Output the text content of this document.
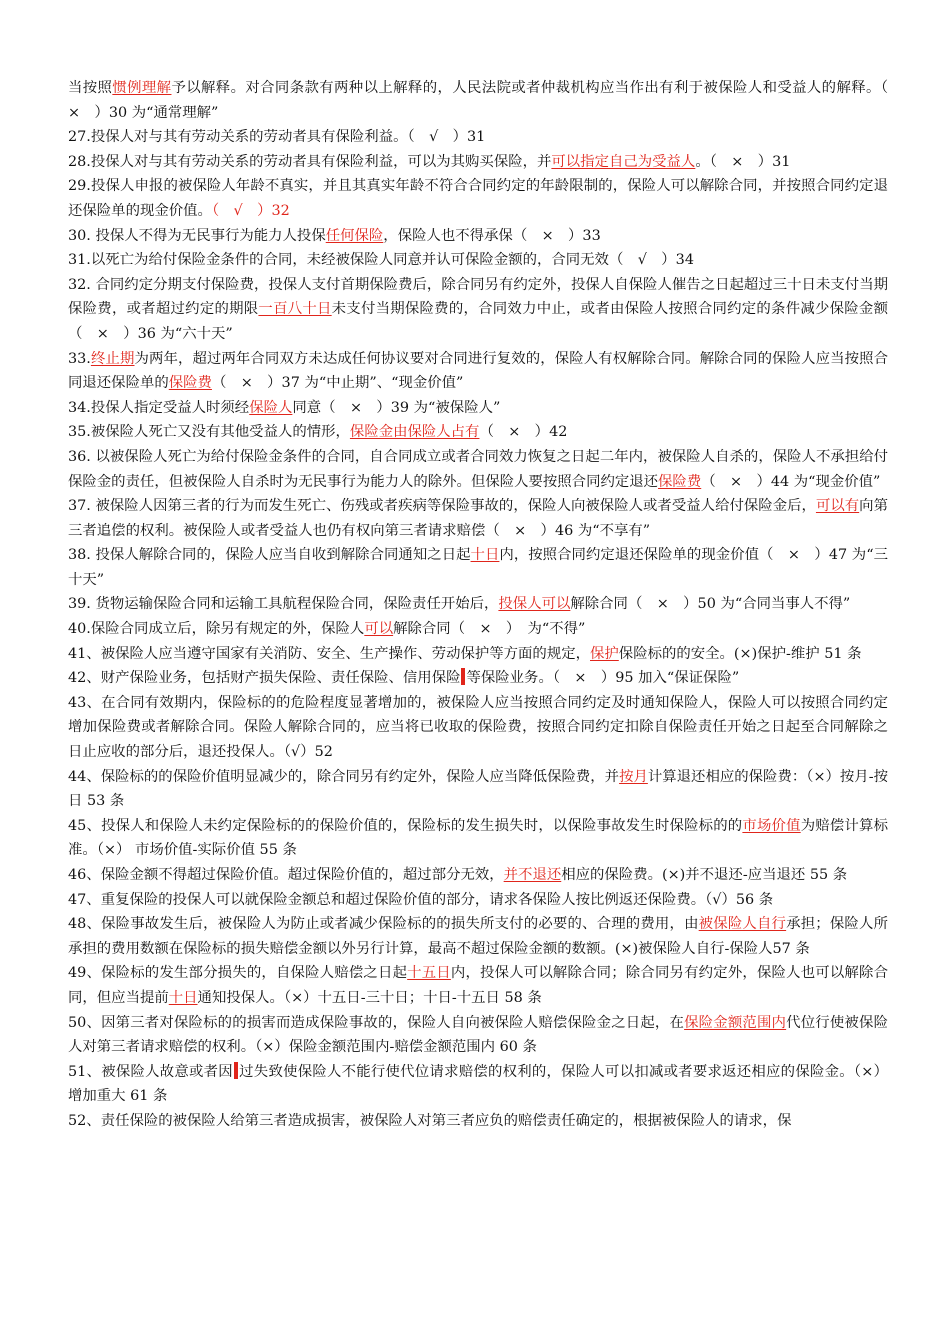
当按照惯例理解予以解释。对合同条款有两种以上解释的，人民法院或者仲裁机构应当作出有利于被保险人和受益人的解释。（　×　）30 为“通常理解”

27.投保人对与其有劳动关系的劳动者具有保险利益。（　√　）31

28.投保人对与其有劳动关系的劳动者具有保险利益，可以为其购买保险，并可以指定自己为受益人。（　×　）31

29.投保人申报的被保险人年龄不真实，并且其真实年龄不符合合同约定的年龄限制的，保险人可以解除合同，并按照合同约定退还保险单的现金价值。（　√　）32

30. 投保人不得为无民事行为能力人投保任何保险，保险人也不得承保（　×　）33

31.以死亡为给付保险金条件的合同，未经被保险人同意并认可保险金额的，合同无效（　√　）34

32. 合同约定分期支付保险费，投保人支付首期保险费后，除合同另有约定外，投保人自保险人催告之日起超过三十日未支付当期保险费，或者超过约定的期限一百八十日未支付当期保险费的，合同效力中止，或者由保险人按照合同约定的条件减少保险金额（　×　）36 为“六十天”

33.终止期为两年，超过两年合同双方未达成任何协议要对合同进行复效的，保险人有权解除合同。解除合同的保险人应当按照合同退还保险单的保险费（　×　）37 为“中止期”、“现金价值”

34.投保人指定受益人时须经保险人同意（　×　）39 为“被保险人”

35.被保险人死亡又没有其他受益人的情形，保险金由保险人占有（　×　）42

36. 以被保险人死亡为给付保险金条件的合同，自合同成立或者合同效力恢复之日起二年内，被保险人自杀的，保险人不承担给付保险金的责任，但被保险人自杀时为无民事行为能力人的除外。但保险人要按照合同约定退还保险费（　×　）44 为“现金价值”

37. 被保险人因第三者的行为而发生死亡、伤残或者疾病等保险事故的，保险人向被保险人或者受益人给付保险金后，可以有向第三者追偿的权利。被保险人或者受益人也仍有权向第三者请求赔偿（　×　）46 为“不享有”

38. 投保人解除合同的，保险人应当自收到解除合同通知之日起十日内，按照合同约定退还保险单的现金价值（　×　）47 为“三十天”

39. 货物运输保险合同和运输工具航程保险合同，保险责任开始后，投保人可以解除合同（　×　）50 为“合同当事人不得”

40.保险合同成立后，除另有规定的外，保险人可以解除合同（　×　）　为“不得”

41、被保险人应当遵守国家有关消防、安全、生产操作、劳动保护等方面的规定，保护保险标的的安全。(×)保护-维护 51 条

42、财产保险业务，包括财产损失保险、责任保险、信用保险 等保险业务。（　×　）95 加入“保证保险”

43、在合同有效期内，保险标的的危险程度显著增加的，被保险人应当按照合同约定及时通知保险人，保险人可以按照合同约定增加保险费或者解除合同。保险人解除合同的，应当将已收取的保险费，按照合同约定扣除自保险责任开始之日起至合同解除之日止应收的部分后，退还投保人。（√）52

44、保险标的的保险价值明显减少的，除合同另有约定外，保险人应当降低保险费，并按月计算退还相应的保险费：（×）按月-按日 53 条

45、投保人和保险人未约定保险标的的保险价值的，保险标的发生损失时，以保险事故发生时保险标的的市场价值为赔偿计算标准。（×） 市场价值-实际价值 55 条

46、保险金额不得超过保险价值。超过保险价值的，超过部分无效，并不退还相应的保险费。(×)并不退还-应当退还 55 条

47、重复保险的投保人可以就保险金额总和超过保险价值的部分，请求各保险人按比例返还保险费。（√）56 条

48、保险事故发生后，被保险人为防止或者减少保险标的的损失所支付的必要的、合理的费用，由被保险人自行承担；保险人所承担的费用数额在保险标的损失赔偿金额以外另行计算，最高不超过保险金额的数额。(×)被保险人自行-保险人57 条

49、保险标的发生部分损失的，自保险人赔偿之日起十五日内，投保人可以解除合同；除合同另有约定外，保险人也可以解除合同，但应当提前十日通知投保人。（×）十五日-三十日；十日-十五日 58 条

50、因第三者对保险标的的损害而造成保险事故的，保险人自向被保险人赔偿保险金之日起，在保险金额范围内代位行使被保险人对第三者请求赔偿的权利。（×）保险金额范围内-赔偿金额范围内 60 条

51、被保险人故意或者因 过失致使保险人不能行使代位请求赔偿的权利的，保险人可以扣减或者要求返还相应的保险金。（×）增加重大 61 条

52、责任保险的被保险人给第三者造成损害，被保险人对第三者应负的赔偿责任确定的，根据被保险人的请求，保
